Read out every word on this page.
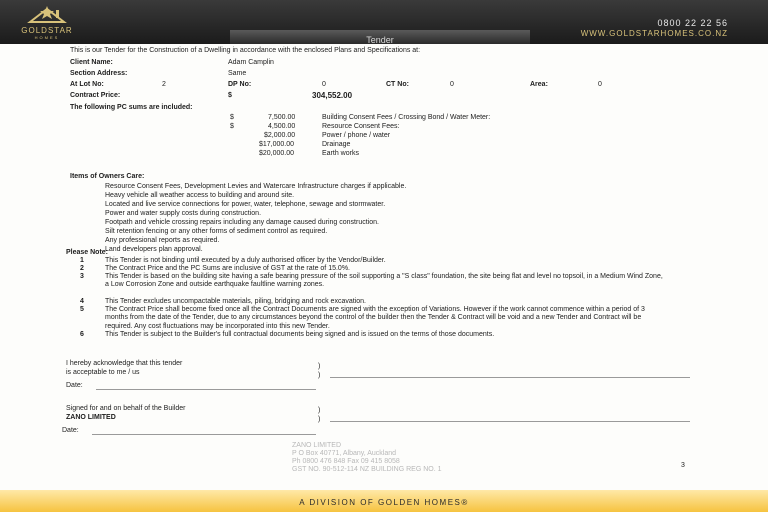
GOLDSTAR
HOMES	Tender
0800 22 22 56
WWW.GOLDSTARHOMES.CO.NZ
This is our Tender for the Construction of a Dwelling in accordance with the enclosed Plans and Specifications at:
Client Name:	Adam Camplin
Section Address:	Same
At Lot No:	2	DP No:	0	CT No:	0	Area:	0
Contract Price:	$	304,552.00
The following PC sums are included:
$	7,500.00	Building Consent Fees / Crossing Bond / Water Meter:
$	4,500.00	Resource Consent Fees:
$2,000.00	Power / phone / water
$17,000.00	Drainage
$20,000.00	Earth works
Items of Owners Care:
Resource Consent Fees, Development Levies and Watercare Infrastructure charges if applicable.
Heavy vehicle all weather access to building and around site.
Located and live service connections for power, water, telephone, sewage and stormwater.
Power and water supply costs during construction.
Footpath and vehicle crossing repairs including any damage caused during construction.
Silt retention fencing or any other forms of sediment control as required.
Any professional reports as required.
Land developers plan approval.
Please Note:
1	This Tender is not binding until executed by a duly authorised officer by the Vendor/Builder.
2	The Contract Price and the PC Sums are inclusive of GST at the rate of 15.0%.
3	This Tender is based on the building site having a safe bearing pressure of the soil supporting a "S class" foundation, the site being flat and level no topsoil, in a Medium Wind Zone, a Low Corrosion Zone and outside earthquake faultline warning zones.
4	This Tender excludes uncompactable materials, piling, bridging and rock excavation.
5	The Contract Price shall become fixed once all the Contract Documents are signed with the exception of Variations. However if the work cannot commence within a period of 3 months from the date of the Tender, due to any circumstances beyond the control of the builder then the Tender & Contract will be void and a new Tender and Contract will be required. Any cost fluctuations may be incorporated into this new Tender.
6	This Tender is subject to the Builder's full contractual documents being signed and is issued on the terms of those documents.
I hereby acknowledge that this tender
is acceptable to me / us
)
)
Date:
Signed for and on behalf of the Builder
ZANO LIMITED
)
)
Date:
ZANO LIMITED
P O Box 40771, Albany, Auckland
Ph 0800 476 848 Fax 09 415 8058
GST NO. 90-512-114 NZ BUILDING REG NO. 1
3
A DIVISION OF GOLDEN HOMES®
